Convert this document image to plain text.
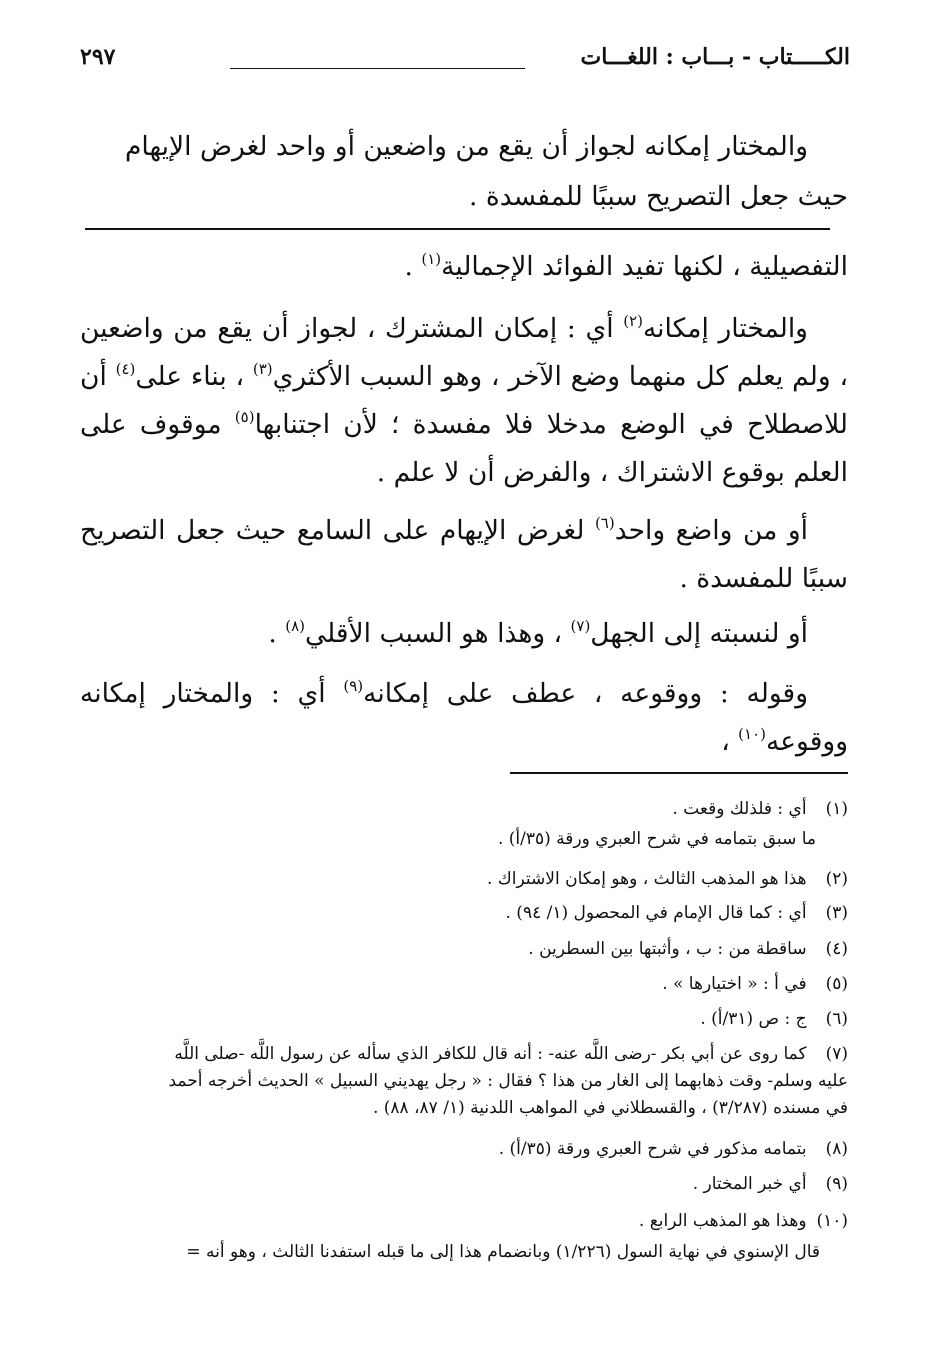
الكـــــتاب - بـــاب : اللغـــات
٢٩٧
والمختار إمكانه لجواز أن يقع من واضعين أو واحد لغرض الإيهام
حيث جعل التصريح سببًا للمفسدة .
التفصيلية ، لكنها تفيد الفوائد الإجمالية$^{(١)}$ .
والمختار إمكانه$^{(٢)}$ أي : إمكان المشترك ، لجواز أن يقع من واضعين ، ولم يعلم كل منهما وضع الآخر ، وهو السبب الأكثري$^{(٣)}$ ، بناء على$^{(٤)}$ أن للاصطلاح في الوضع مدخلا فلا مفسدة ؛ لأن اجتنابها$^{(٥)}$ موقوف على العلم بوقوع الاشتراك ، والفرض أن لا علم .
أو من واضع واحد$^{(٦)}$ لغرض الإيهام على السامع حيث جعل التصريح سببًا للمفسدة .
أو لنسبته إلى الجهل$^{(٧)}$ ، وهذا هو السبب الأقلي$^{(٨)}$ .
وقوله : ووقوعه ، عطف على إمكانه$^{(٩)}$ أي : والمختار إمكانه ووقوعه$^{(١٠)}$ ،
(١) أي : فلذلك وقعت .
ما سبق بتمامه في شرح العبري ورقة (٣٥/أ) .
(٢) هذا هو المذهب الثالث ، وهو إمكان الاشتراك .
(٣) أي : كما قال الإمام في المحصول (١/ ٩٤) .
(٤) ساقطة من : ب ، وأثبتها بين السطرين .
(٥) في أ : « اختيارها » .
(٦) ج : ص (٣١/أ) .
(٧) كما روى عن أبي بكر -رضى اللَّه عنه- : أنه قال للكافر الذي سأله عن رسول اللَّه -صلى اللَّه
عليه وسلم- وقت ذهابهما إلى الغار من هذا ؟ فقال : « رجل يهديني السبيل » الحديث أخرجه أحمد
في مسنده (٣/٢٨٧) ، والقسطلاني في المواهب اللدنية (١/ ٨٧، ٨٨) .
(٨) بتمامه مذكور في شرح العبري ورقة (٣٥/أ) .
(٩) أي خبر المختار .
(١٠) وهذا هو المذهب الرابع .
قال الإسنوي في نهاية السول (١/٢٢٦) وبانضمام هذا إلى ما قبله استفدنا الثالث ، وهو أنه =
